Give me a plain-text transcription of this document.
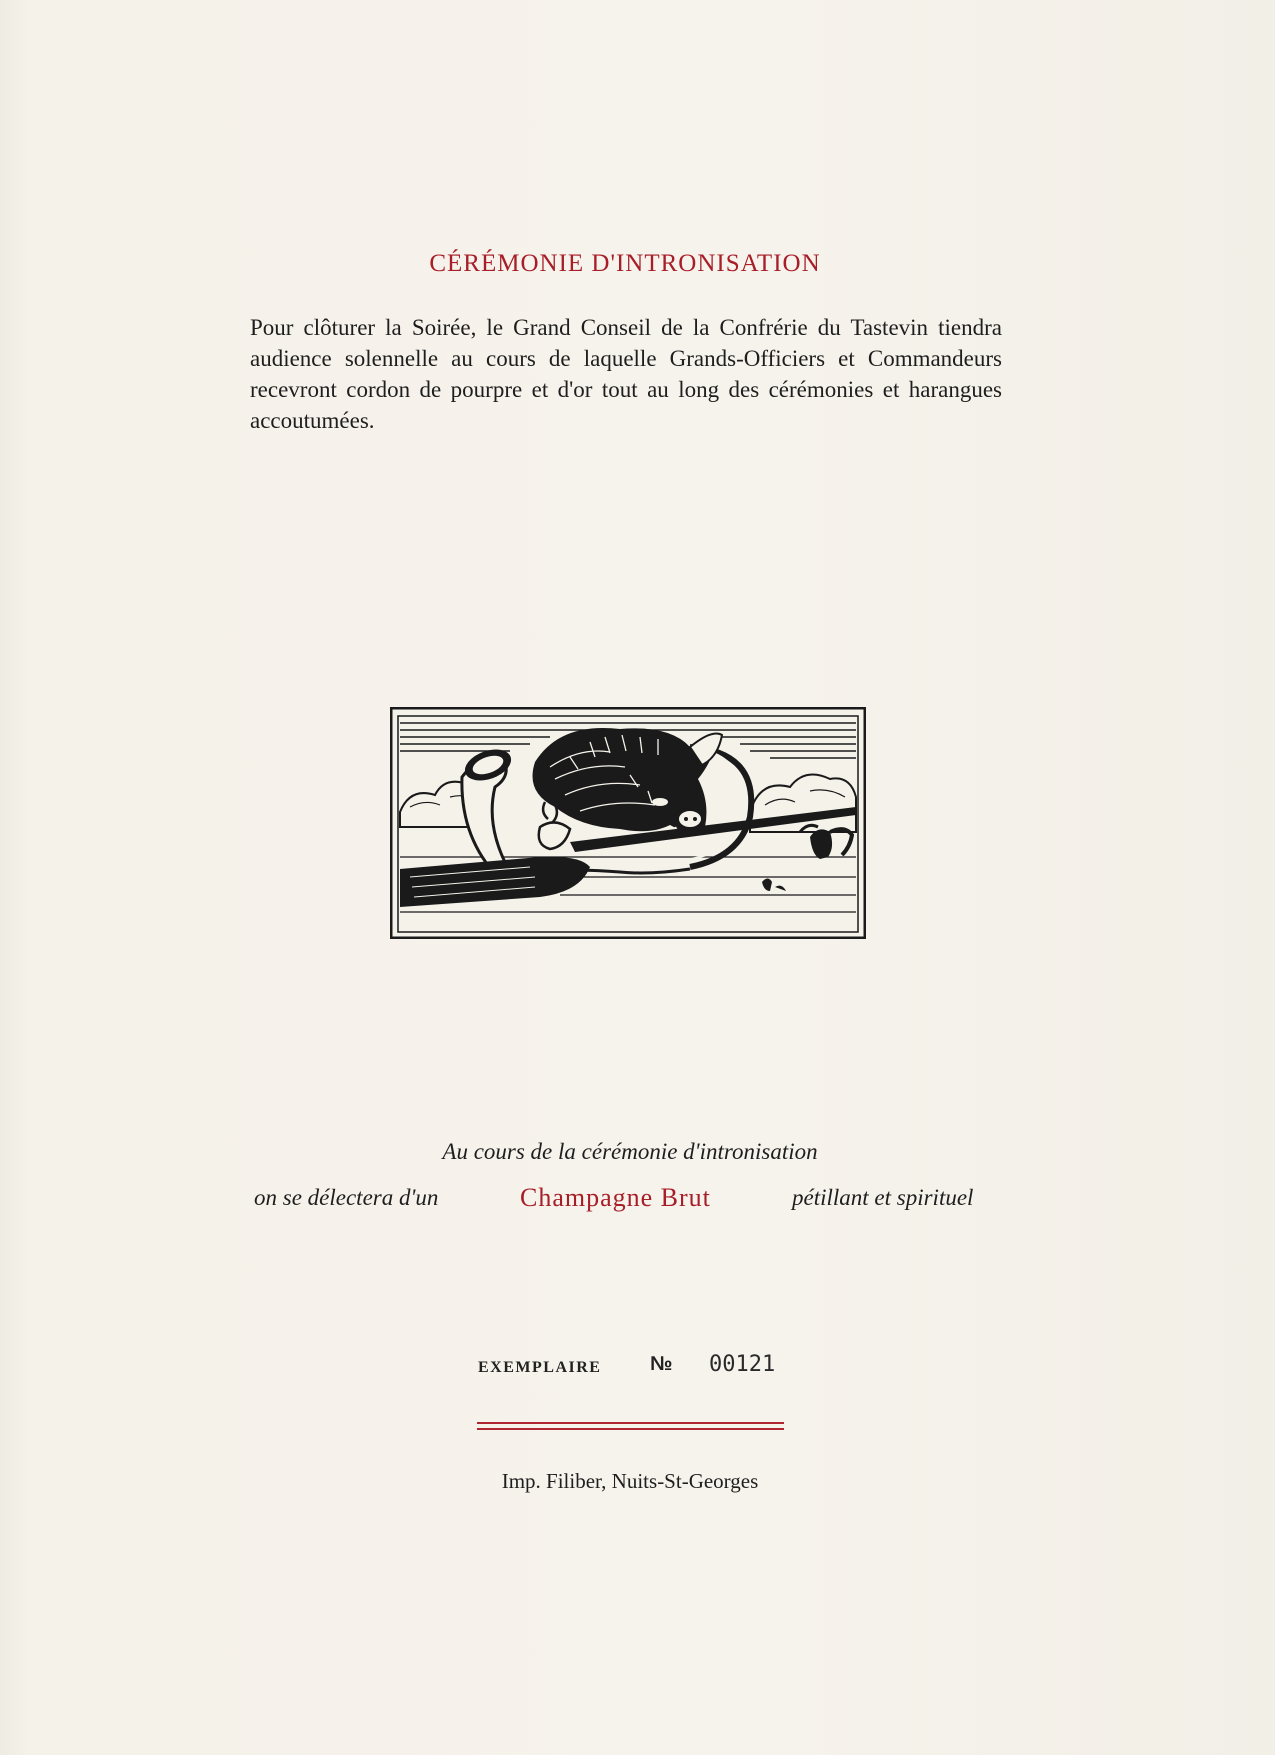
CÉRÉMONIE D'INTRONISATION
Pour clôturer la Soirée, le Grand Conseil de la Confrérie du Tastevin tiendra audience solennelle au cours de laquelle Grands-Officiers et Commandeurs recevront cordon de pourpre et d'or tout au long des cérémonies et harangues accoutumées.
Au cours de la cérémonie d'intronisation
on se délectera d'un	Champagne Brut	pétillant et spirituel
EXEMPLAIRE № 00121
Imp. Filiber, Nuits-St-Georges
